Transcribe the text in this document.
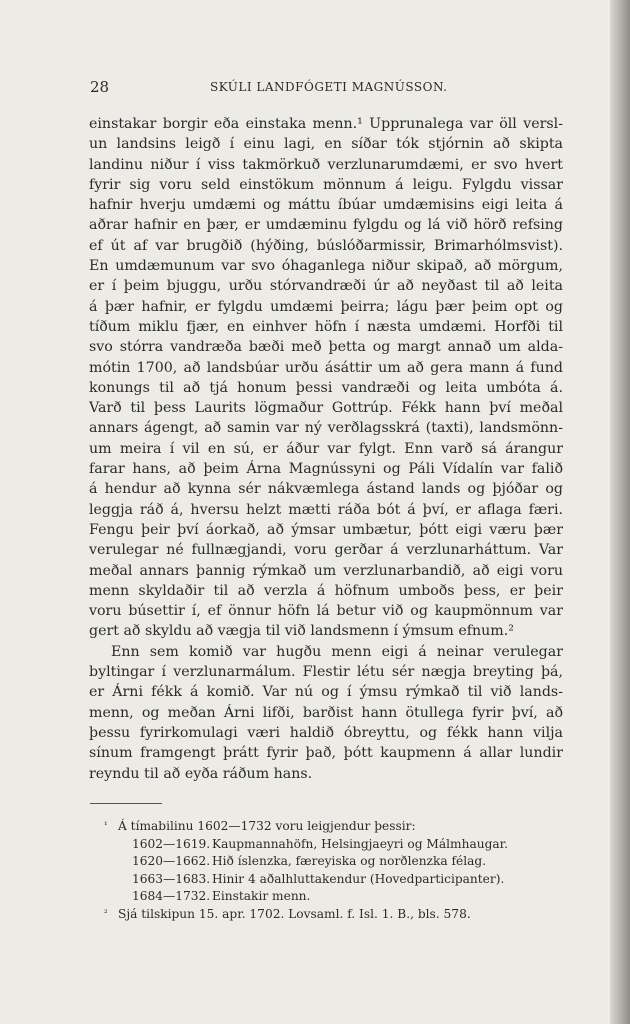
28	SKÚLI LANDFÓGETI MAGNÚSSON.
einstakar borgir eða einstaka menn.¹ Upprunalega var öll versl-
un landsins leigð í einu lagi, en síðar tók stjórnin að skipta
landinu niður í viss takmörkuð verzlunarumdæmi, er svo hvert
fyrir sig voru seld einstökum mönnum á leigu. Fylgdu vissar
hafnir hverju umdæmi og máttu íbúar umdæmisins eigi leita á
aðrar hafnir en þær, er umdæminu fylgdu og lá við hörð refsing
ef út af var brugðið (hýðing, búslóðarmissir, Brimarhólmsvist).
En umdæmunum var svo óhaganlega niður skipað, að mörgum,
er í þeim bjuggu, urðu stórvandræði úr að neyðast til að leita
á þær hafnir, er fylgdu umdæmi þeirra; lágu þær þeim opt og
tíðum miklu fjær, en einhver höfn í næsta umdæmi. Horfði til
svo stórra vandræða bæði með þetta og margt annað um alda-
mótin 1700, að landsbúar urðu ásáttir um að gera mann á fund
konungs til að tjá honum þessi vandræði og leita umbóta á.
Varð til þess Laurits lögmaður Gottrúp. Fékk hann því meðal
annars ágengt, að samin var ný verðlagsskrá (taxti), landsmönn-
um meira í vil en sú, er áður var fylgt. Enn varð sá árangur
farar hans, að þeim Árna Magnússyni og Páli Vídalín var falið
á hendur að kynna sér nákvæmlega ástand lands og þjóðar og
leggja ráð á, hversu helzt mætti ráða bót á því, er aflaga færi.
Fengu þeir því áorkað, að ýmsar umbætur, þótt eigi væru þær
verulegar né fullnægjandi, voru gerðar á verzlunarháttum. Var
meðal annars þannig rýmkað um verzlunarbandið, að eigi voru
menn skyldaðir til að verzla á höfnum umboðs þess, er þeir
voru búsettir í, ef önnur höfn lá betur við og kaupmönnum var
gert að skyldu að vægja til við landsmenn í ýmsum efnum.²
Enn sem komið var hugðu menn eigi á neinar verulegar
byltingar í verzlunarmálum. Flestir létu sér nægja breyting þá,
er Árni fékk á komið. Var nú og í ýmsu rýmkað til við lands-
menn, og meðan Árni lifði, barðist hann ötullega fyrir því, að
þessu fyrirkomulagi væri haldið óbreyttu, og fékk hann vilja
sínum framgengt þrátt fyrir það, þótt kaupmenn á allar lundir
reyndu til að eyða ráðum hans.
¹ Á tímabilinu 1602—1732 voru leigjendur þessir:
1602—1619. Kaupmannahöfn, Helsingjaeyri og Málmhaugar.
1620—1662. Hið íslenzka, færeyiska og norðlenzka félag.
1663—1683. Hinir 4 aðalhluttakendur (Hovedparticipanter).
1684—1732. Einstakir menn.
² Sjá tilskipun 15. apr. 1702. Lovsaml. f. Isl. 1. B., bls. 578.
